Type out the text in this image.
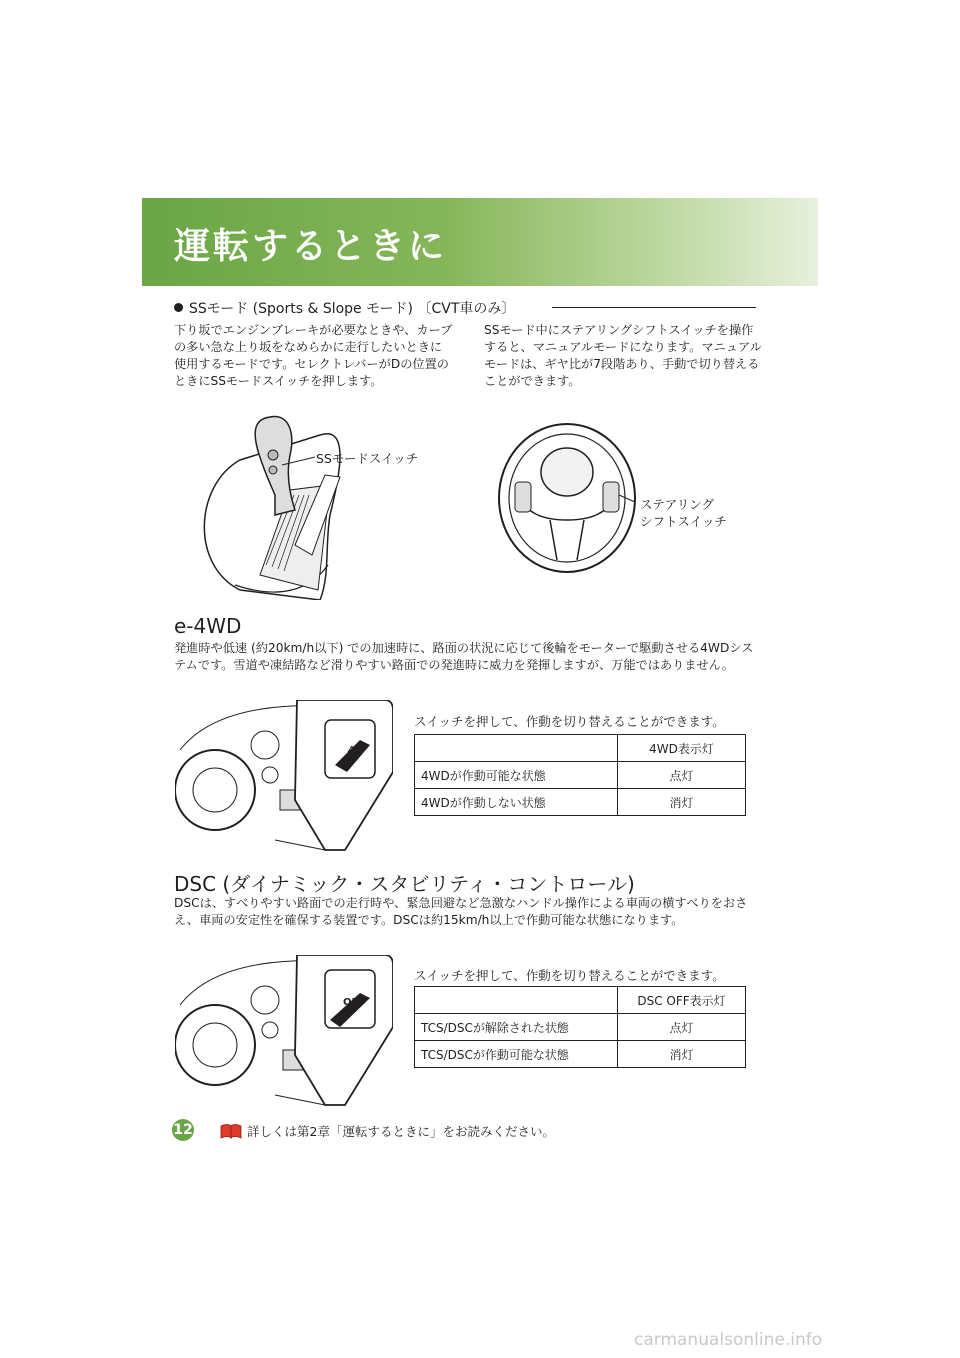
運転するときに
SSモード (Sports & Slope モード) 〔CVT車のみ〕
下り坂でエンジンブレーキが必要なときや、カーブの多い急な上り坂をなめらかに走行したいときに使用するモードです。セレクトレバーがDの位置のときにSSモードスイッチを押します。
SSモード中にステアリングシフトスイッチを操作すると、マニュアルモードになります。マニュアルモードは、ギヤ比が7段階あり、手動で切り替えることができます。
SSモードスイッチ
ステアリング
シフトスイッチ
e-4WD
発進時や低速 (約20km/h以下) での加速時に、路面の状況に応じて後輪をモーターで駆動させる4WDシステムです。雪道や凍結路など滑りやすい路面での発進時に威力を発揮しますが、万能ではありません。
4
スイッチを押して、作動を切り替えることができます。
	4WD表示灯
4WDが作動可能な状態	点灯
4WDが作動しない状態	消灯
DSC (ダイナミック・スタビリティ・コントロール)
DSCは、すべりやすい路面での走行時や、緊急回避など急激なハンドル操作による車両の横すべりをおさえ、車両の安定性を確保する装置です。DSCは約15km/h以上で作動可能な状態になります。
OFF
スイッチを押して、作動を切り替えることができます。
	DSC OFF表示灯
TCS/DSCが解除された状態	点灯
TCS/DSCが作動可能な状態	消灯
12	詳しくは第2章「運転するときに」をお読みください。
carmanualsonline.info
